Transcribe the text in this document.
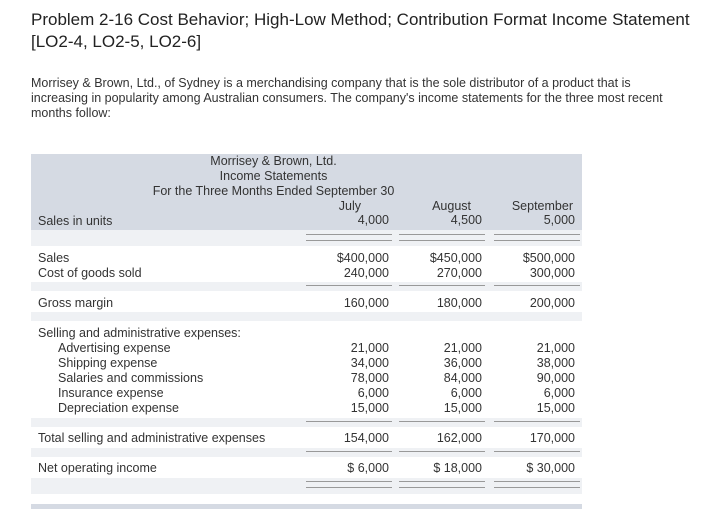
Problem 2-16 Cost Behavior; High-Low Method; Contribution Format Income Statement
[LO2-4, LO2-5, LO2-6]

Morrisey & Brown, Ltd., of Sydney is a merchandising company that is the sole distributor of a product that is increasing in popularity among Australian consumers. The company's income statements for the three most recent months follow:

Morrisey & Brown, Ltd.
Income Statements
For the Three Months Ended September 30
July	August	September
Sales in units	4,000	4,500	5,000
Sales	$400,000	$450,000	$500,000
Cost of goods sold	240,000	270,000	300,000
Gross margin	160,000	180,000	200,000
Selling and administrative expenses:
Advertising expense	21,000	21,000	21,000
Shipping expense	34,000	36,000	38,000
Salaries and commissions	78,000	84,000	90,000
Insurance expense	6,000	6,000	6,000
Depreciation expense	15,000	15,000	15,000
Total selling and administrative expenses	154,000	162,000	170,000
Net operating income	$ 6,000	$ 18,000	$ 30,000
